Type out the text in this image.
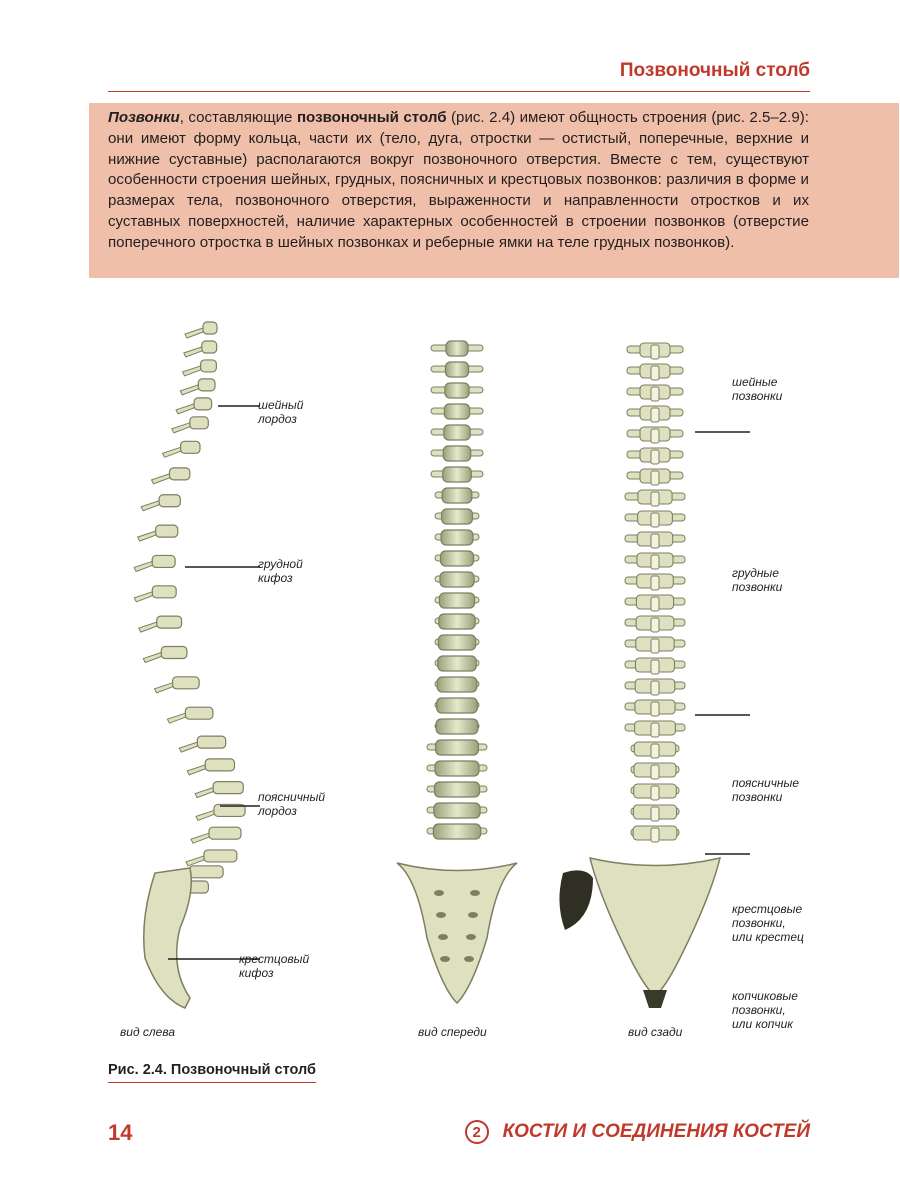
Позвоночный столб
Позвонки, составляющие позвоночный столб (рис. 2.4) имеют общность строения (рис. 2.5–2.9): они имеют форму кольца, части их (тело, дуга, отростки — остистый, поперечные, верхние и нижние суставные) располагаются вокруг позвоночного отверстия. Вместе с тем, существуют особенности строения шейных, грудных, поясничных и крестцовых позвонков: различия в форме и размерах тела, позвоночного отверстия, выраженности и направленности отростков и их суставных поверхностей, наличие характерных особенностей в строении позвонков (отверстие поперечного отростка в шейных позвонках и реберные ямки на теле грудных позвонков).
шейный
лордоз
грудной
кифоз
поясничный
лордоз
крестцовый
кифоз
шейные
позвонки
грудные
позвонки
поясничные
позвонки
крестцовые
позвонки,
или крестец
копчиковые
позвонки,
или копчик
вид слева	вид спереди	вид сзади
Рис. 2.4. Позвоночный столб
14	2	КОСТИ И СОЕДИНЕНИЯ КОСТЕЙ
